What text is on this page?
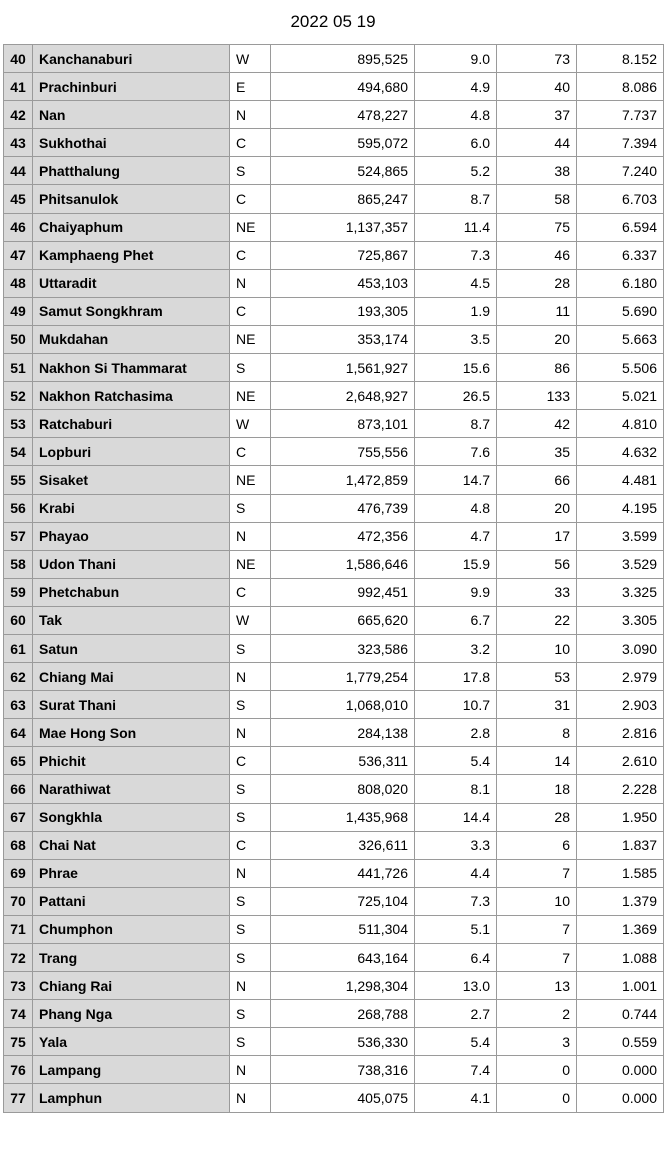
2022 05 19
40	Kanchanaburi	W	895,525	9.0	73	8.152
41	Prachinburi	E	494,680	4.9	40	8.086
42	Nan	N	478,227	4.8	37	7.737
43	Sukhothai	C	595,072	6.0	44	7.394
44	Phatthalung	S	524,865	5.2	38	7.240
45	Phitsanulok	C	865,247	8.7	58	6.703
46	Chaiyaphum	NE	1,137,357	11.4	75	6.594
47	Kamphaeng Phet	C	725,867	7.3	46	6.337
48	Uttaradit	N	453,103	4.5	28	6.180
49	Samut Songkhram	C	193,305	1.9	11	5.690
50	Mukdahan	NE	353,174	3.5	20	5.663
51	Nakhon Si Thammarat	S	1,561,927	15.6	86	5.506
52	Nakhon Ratchasima	NE	2,648,927	26.5	133	5.021
53	Ratchaburi	W	873,101	8.7	42	4.810
54	Lopburi	C	755,556	7.6	35	4.632
55	Sisaket	NE	1,472,859	14.7	66	4.481
56	Krabi	S	476,739	4.8	20	4.195
57	Phayao	N	472,356	4.7	17	3.599
58	Udon Thani	NE	1,586,646	15.9	56	3.529
59	Phetchabun	C	992,451	9.9	33	3.325
60	Tak	W	665,620	6.7	22	3.305
61	Satun	S	323,586	3.2	10	3.090
62	Chiang Mai	N	1,779,254	17.8	53	2.979
63	Surat Thani	S	1,068,010	10.7	31	2.903
64	Mae Hong Son	N	284,138	2.8	8	2.816
65	Phichit	C	536,311	5.4	14	2.610
66	Narathiwat	S	808,020	8.1	18	2.228
67	Songkhla	S	1,435,968	14.4	28	1.950
68	Chai Nat	C	326,611	3.3	6	1.837
69	Phrae	N	441,726	4.4	7	1.585
70	Pattani	S	725,104	7.3	10	1.379
71	Chumphon	S	511,304	5.1	7	1.369
72	Trang	S	643,164	6.4	7	1.088
73	Chiang Rai	N	1,298,304	13.0	13	1.001
74	Phang Nga	S	268,788	2.7	2	0.744
75	Yala	S	536,330	5.4	3	0.559
76	Lampang	N	738,316	7.4	0	0.000
77	Lamphun	N	405,075	4.1	0	0.000
